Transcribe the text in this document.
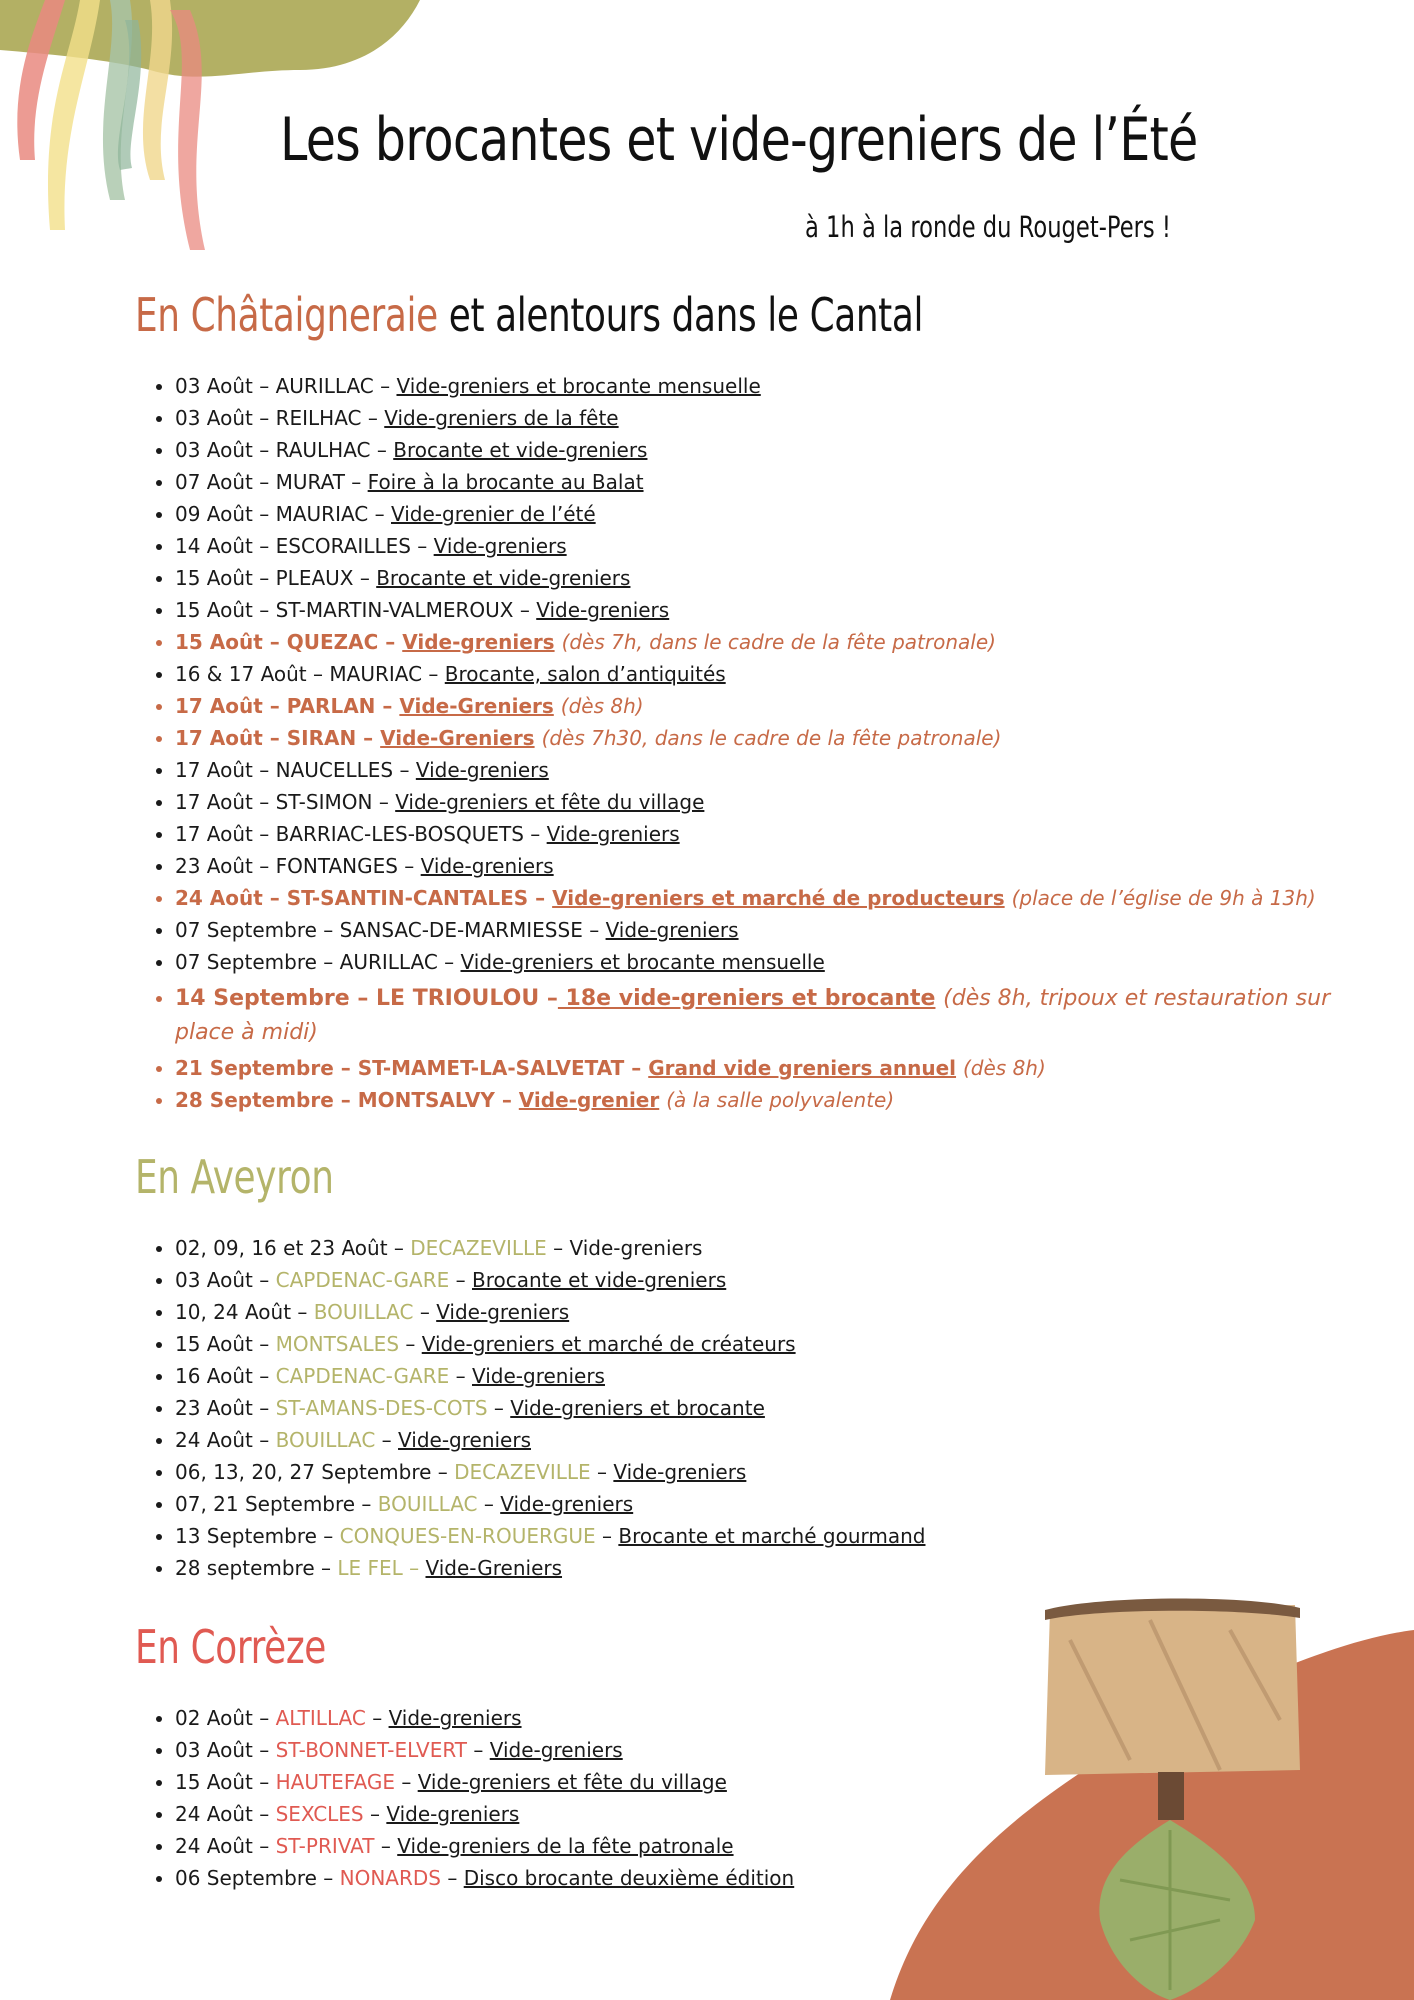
Les brocantes et vide-greniers de l’Été

à 1h à la ronde du Rouget-Pers !

En Châtaigneraie et alentours dans le Cantal
• 03 Août – AURILLAC – Vide-greniers et brocante mensuelle
• 03 Août – REILHAC – Vide-greniers de la fête
• 03 Août – RAULHAC – Brocante et vide-greniers
• 07 Août – MURAT – Foire à la brocante au Balat
• 09 Août – MAURIAC – Vide-grenier de l’été
• 14 Août – ESCORAILLES – Vide-greniers
• 15 Août – PLEAUX – Brocante et vide-greniers
• 15 Août – ST-MARTIN-VALMEROUX – Vide-greniers
• 15 Août – QUEZAC – Vide-greniers (dès 7h, dans le cadre de la fête patronale)
• 16 & 17 Août – MAURIAC – Brocante, salon d’antiquités
• 17 Août – PARLAN – Vide-Greniers (dès 8h)
• 17 Août – SIRAN – Vide-Greniers (dès 7h30, dans le cadre de la fête patronale)
• 17 Août – NAUCELLES – Vide-greniers
• 17 Août – ST-SIMON – Vide-greniers et fête du village
• 17 Août – BARRIAC-LES-BOSQUETS – Vide-greniers
• 23 Août – FONTANGES – Vide-greniers
• 24 Août – ST-SANTIN-CANTALES – Vide-greniers et marché de producteurs (place de l’église de 9h à 13h)
• 07 Septembre – SANSAC-DE-MARMIESSE – Vide-greniers
• 07 Septembre – AURILLAC – Vide-greniers et brocante mensuelle
• 14 Septembre – LE TRIOULOU – 18e vide-greniers et brocante (dès 8h, tripoux et restauration sur place à midi)
• 21 Septembre – ST-MAMET-LA-SALVETAT – Grand vide greniers annuel (dès 8h)
• 28 Septembre – MONTSALVY – Vide-grenier (à la salle polyvalente)
En Aveyron
• 02, 09, 16 et 23 Août – DECAZEVILLE – Vide-greniers
• 03 Août – CAPDENAC-GARE – Brocante et vide-greniers
• 10, 24 Août – BOUILLAC – Vide-greniers
• 15 Août – MONTSALES – Vide-greniers et marché de créateurs
• 16 Août – CAPDENAC-GARE – Vide-greniers
• 23 Août – ST-AMANS-DES-COTS – Vide-greniers et brocante
• 24 Août – BOUILLAC – Vide-greniers
• 06, 13, 20, 27 Septembre – DECAZEVILLE – Vide-greniers
• 07, 21 Septembre – BOUILLAC – Vide-greniers
• 13 Septembre – CONQUES-EN-ROUERGUE – Brocante et marché gourmand
• 28 septembre – LE FEL – Vide-Greniers
En Corrèze
• 02 Août – ALTILLAC – Vide-greniers
• 03 Août – ST-BONNET-ELVERT – Vide-greniers
• 15 Août – HAUTEFAGE – Vide-greniers et fête du village
• 24 Août – SEXCLES – Vide-greniers
• 24 Août – ST-PRIVAT – Vide-greniers de la fête patronale
• 06 Septembre – NONARDS – Disco brocante deuxième édition
